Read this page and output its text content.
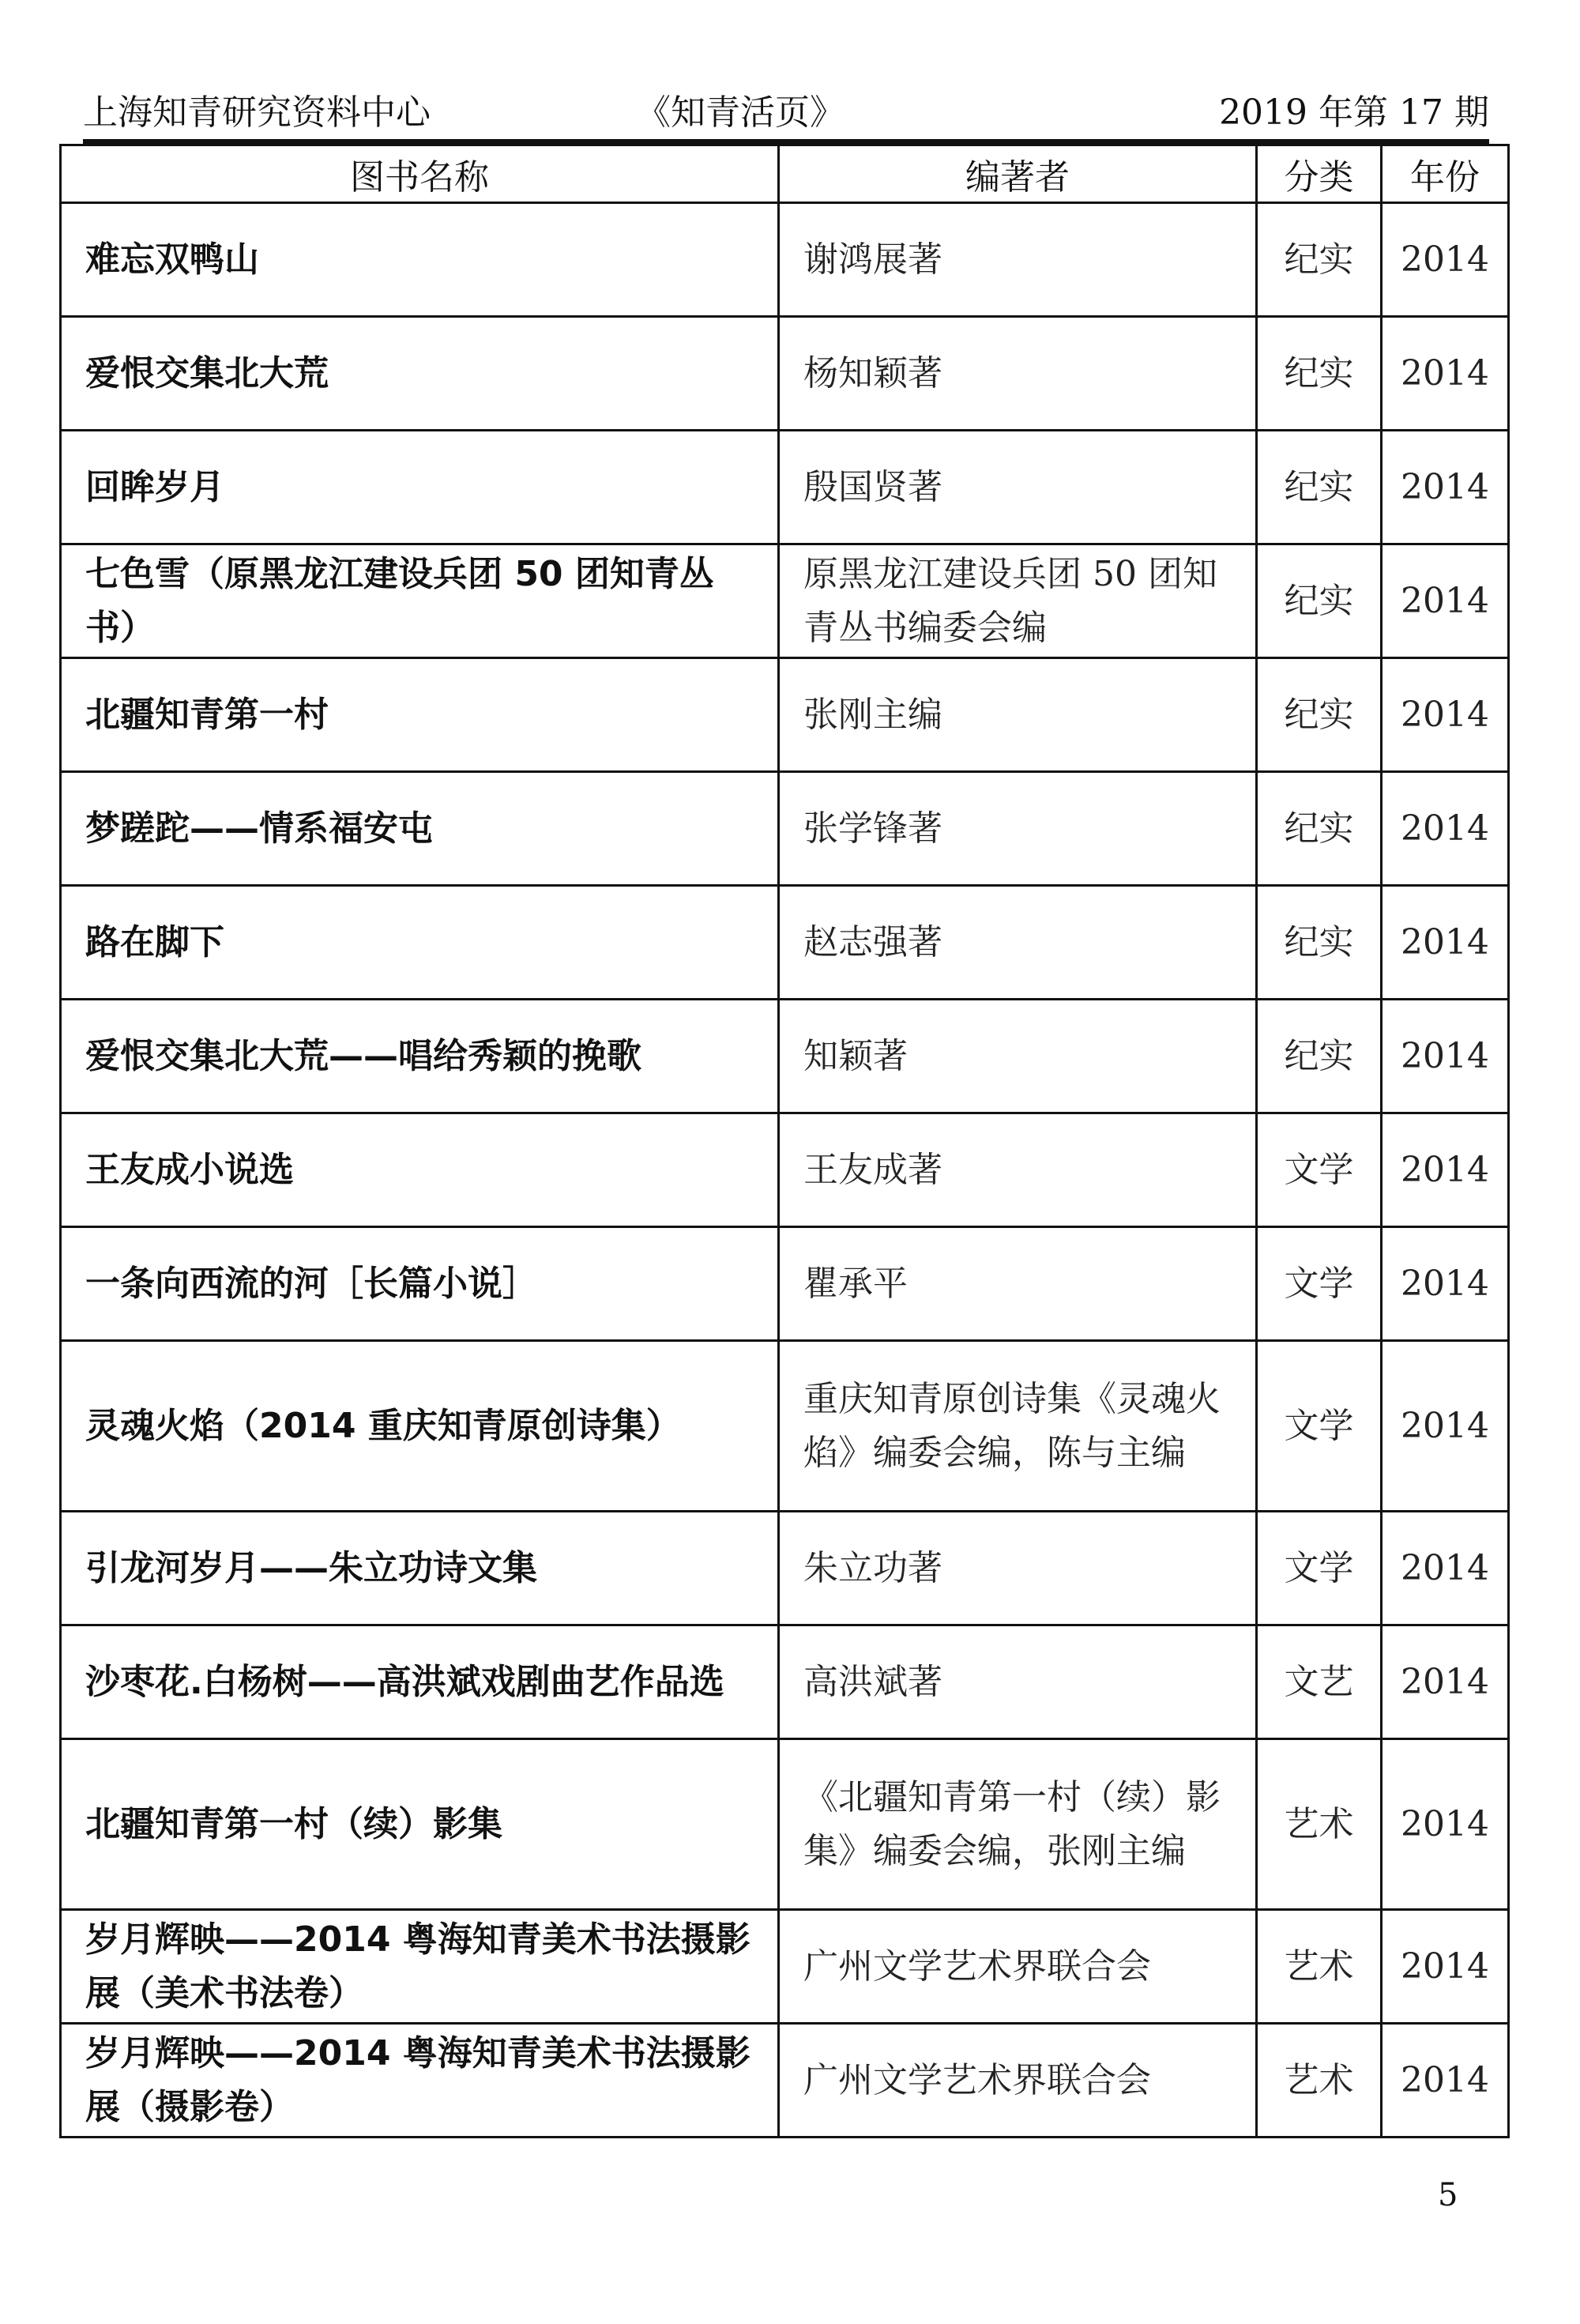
上海知青研究资料中心	《知青活页》	2019 年第 17 期
图书名称	编著者	分类	年份
难忘双鸭山	谢鸿展著	纪实	2014
爱恨交集北大荒	杨知颖著	纪实	2014
回眸岁月	殷国贤著	纪实	2014
七色雪（原黑龙江建设兵团 50 团知青丛书）	原黑龙江建设兵团 50 团知青丛书编委会编	纪实	2014
北疆知青第一村	张刚主编	纪实	2014
梦蹉跎——情系福安屯	张学锋著	纪实	2014
路在脚下	赵志强著	纪实	2014
爱恨交集北大荒——唱给秀颖的挽歌	知颖著	纪实	2014
王友成小说选	王友成著	文学	2014
一条向西流的河［长篇小说］	瞿承平	文学	2014
灵魂火焰（2014 重庆知青原创诗集）	重庆知青原创诗集《灵魂火焰》编委会编，陈与主编	文学	2014
引龙河岁月——朱立功诗文集	朱立功著	文学	2014
沙枣花.白杨树——高洪斌戏剧曲艺作品选	高洪斌著	文艺	2014
北疆知青第一村（续）影集	《北疆知青第一村（续）影集》编委会编，张刚主编	艺术	2014
岁月辉映——2014 粤海知青美术书法摄影展（美术书法卷）	广州文学艺术界联合会	艺术	2014
岁月辉映——2014 粤海知青美术书法摄影展（摄影卷）	广州文学艺术界联合会	艺术	2014
5
